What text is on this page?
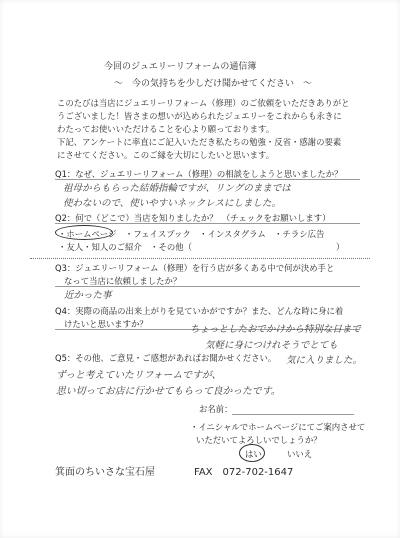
今回のジュエリーリフォームの通信簿
～　今の気持ちを少しだけ聞かせてください　～
このたびは当店にジュエリーリフォーム（修理）のご依頼をいただきありがと
うございました！皆さまの想いが込められたジュエリーをこれからも永きに
わたってお使いいただけることを心より願っております。
下記、アンケートに率直にご記入いただき私たちの勉強・反省・感謝の要素
にさせてください。このご縁を大切にしたいと思います。
Q1：なぜ、ジュエリーリフォーム（修理）の相談をしようと思いましたか？
祖母からもらった結婚指輪ですが、リングのままでは
使わないので、使いやすいネックレスにしました。
Q2：何で（どこで）当店を知りましたか？　（チェックをお願いします）
・ホームページ　・フェイスブック　・インスタグラム　・チラシ広告
・友人・知人のご紹介　・その他（	）
Q3：ジュエリーリフォーム（修理）を行う店が多くある中で何が決め手と
なって当店に依頼しましたか？
近かった事
Q4：実際の商品の出来上がりを見ていかがですか？また、どんな時に身に着
けたいと思いますか？	ちょっとしたおでかけから特別な日まで
気軽に身につけれそうでとても
気に入りました。
Q5：その他、ご意見・ご感想があればお聞かせください。
ずっと考えていたリフォームですが、
思い切ってお店に行かせてもらって良かったです。
お名前：
・イニシャルでホームページにてご案内させて
いただいてよろしいでしょうか？
はい	いいえ
箕面のちいさな宝石屋	FAX　072-702-1647
